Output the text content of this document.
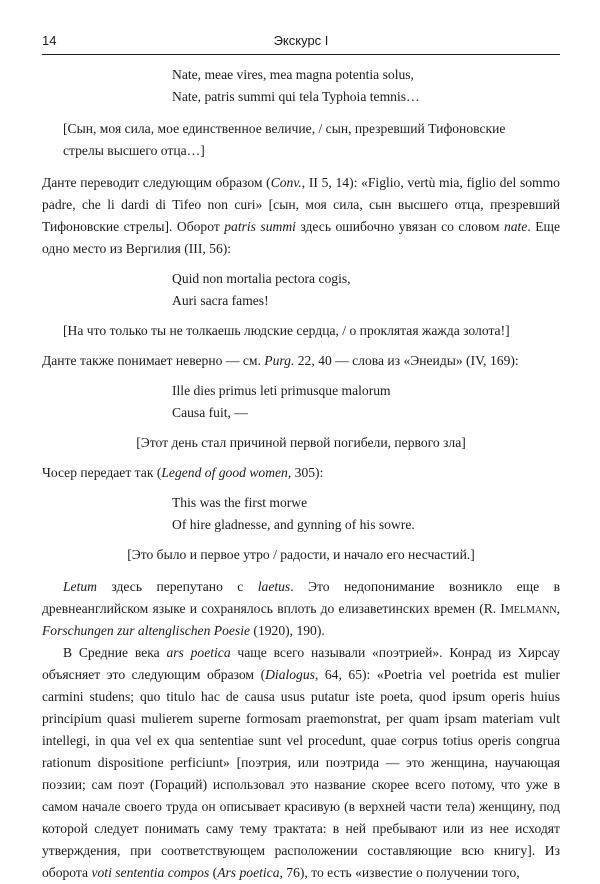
14	Экскурс I
Nate, meae vires, mea magna potentia solus,
Nate, patris summi qui tela Typhoia temnis…
[Сын, моя сила, мое единственное величие, / сын, презревший Тифоновские
стрелы высшего отца…]

Данте переводит следующим образом (Conv., II 5, 14): «Figlio, vertù mia, figlio del sommo padre, che li dardi di Tifeo non curi» [сын, моя сила, сын высшего отца, презревший Тифоновские стрелы]. Оборот patris summi здесь ошибочно увязан со словом nate. Еще одно место из Вергилия (III, 56):

Quid non mortalia pectora cogis,
Auri sacra fames!
[На что только ты не толкаешь людские сердца, / о проклятая жажда золота!]

Данте также понимает неверно — см. Purg. 22, 40 — слова из «Энеиды» (IV, 169):

Ille dies primus leti primusque malorum
Causa fuit, —
[Этот день стал причиной первой погибели, первого зла]

Чосер передает так (Legend of good women, 305):

This was the first morwe
Of hire gladnesse, and gynning of his sowre.
[Это было и первое утро / радости, и начало его несчастий.]

Letum здесь перепутано с laetus. Это недопонимание возникло еще в древнеанглийском языке и сохранялось вплоть до елизаветинских времен (R. Imelmann, Forschungen zur altenglischen Poesie (1920), 190).

В Средние века ars poetica чаще всего называли «поэтрией». Конрад из Хирсау объясняет это следующим образом (Dialogus, 64, 65): «Poetria vel poetrida est mulier carmini studens; quo titulo hac de causa usus putatur iste poeta, quod ipsum operis huius principium quasi mulierem superne formosam praemonstrat, per quam ipsam materiam vult intellegi, in qua vel ex qua sententiae sunt vel procedunt, quae corpus totius operis congrua rationum dispositione perficiunt» [поэтрия, или поэтрида — это женщина, научающая поэзии; сам поэт (Гораций) использовал это название скорее всего потому, что уже в самом начале своего труда он описывает красивую (в верхней части тела) женщину, под которой следует понимать саму тему трактата: в ней пребывают или из нее исходят утверждения, при соответствующем расположении составляющие всю книгу]. Из оборота voti sententia compos (Ars poetica, 76), то есть «известие о получении того,
